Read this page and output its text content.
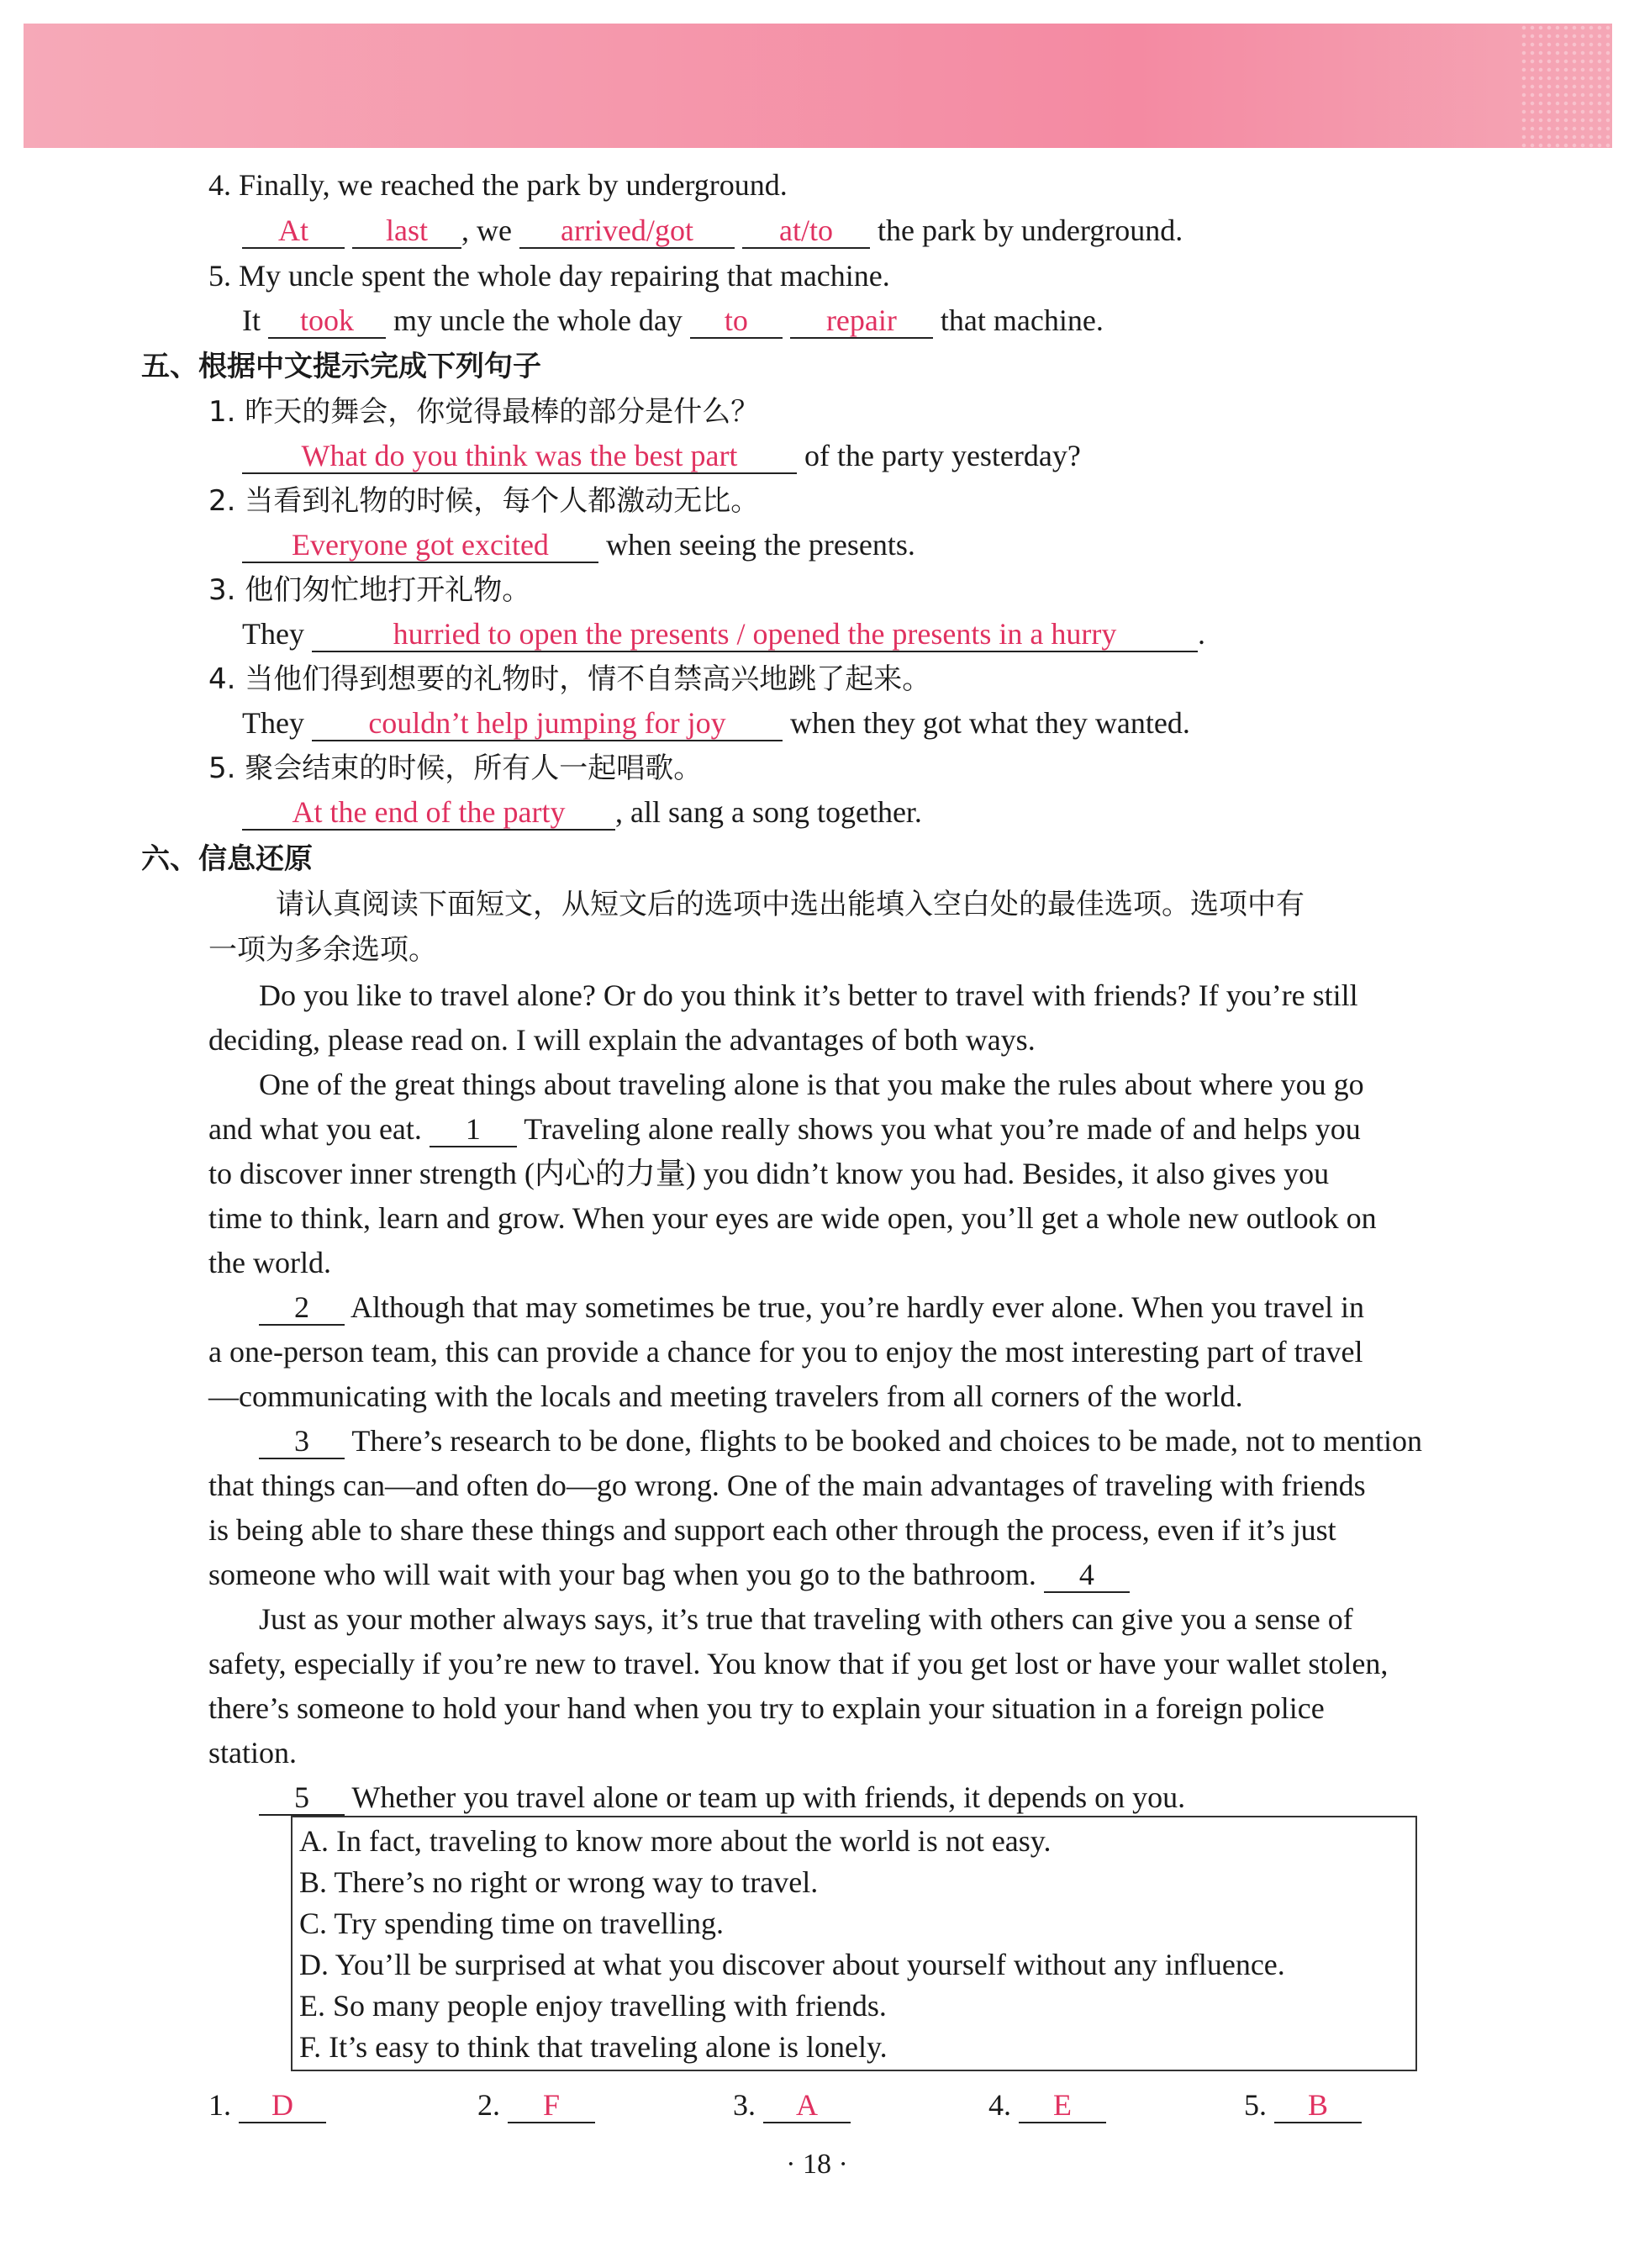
4. Finally, we reached the park by underground.
At	last , we arrived/got	at/to the park by underground.
5. My uncle spent the whole day repairing that machine.
It took my uncle the whole day to	repair that machine.
五、根据中文提示完成下列句子
1. 昨天的舞会，你觉得最棒的部分是什么？
What do you think was the best part of the party yesterday?
2. 当看到礼物的时候，每个人都激动无比。
Everyone got excited when seeing the presents.
3. 他们匆忙地打开礼物。
They	hurried to open the presents / opened the presents in a hurry	.
4. 当他们得到想要的礼物时，情不自禁高兴地跳了起来。
They couldn’t help jumping for joy when they got what they wanted.
5. 聚会结束的时候，所有人一起唱歌。
At the end of the party , all sang a song together.
六、信息还原
请认真阅读下面短文，从短文后的选项中选出能填入空白处的最佳选项。选项中有
一项为多余选项。
Do you like to travel alone? Or do you think it’s better to travel with friends? If you’re still
deciding, please read on. I will explain the advantages of both ways.
One of the great things about traveling alone is that you make the rules about where you go
and what you eat. 1 Traveling alone really shows you what you’re made of and helps you
to discover inner strength (内心的力量) you didn’t know you had. Besides, it also gives you
time to think, learn and grow. When your eyes are wide open, you’ll get a whole new outlook on
the world.
2 Although that may sometimes be true, you’re hardly ever alone. When you travel in
a one-person team, this can provide a chance for you to enjoy the most interesting part of travel
—communicating with the locals and meeting travelers from all corners of the world.
3 There’s research to be done, flights to be booked and choices to be made, not to mention
that things can—and often do—go wrong. One of the main advantages of traveling with friends
is being able to share these things and support each other through the process, even if it’s just
someone who will wait with your bag when you go to the bathroom. 4
Just as your mother always says, it’s true that traveling with others can give you a sense of
safety, especially if you’re new to travel. You know that if you get lost or have your wallet stolen,
there’s someone to hold your hand when you try to explain your situation in a foreign police
station.
5 Whether you travel alone or team up with friends, it depends on you.
A. In fact, traveling to know more about the world is not easy.
B. There’s no right or wrong way to travel.
C. Try spending time on travelling.
D. You’ll be surprised at what you discover about yourself without any influence.
E. So many people enjoy travelling with friends.
F. It’s easy to think that traveling alone is lonely.
1. D	2. F	3. A	4. E	5. B
· 18 ·
